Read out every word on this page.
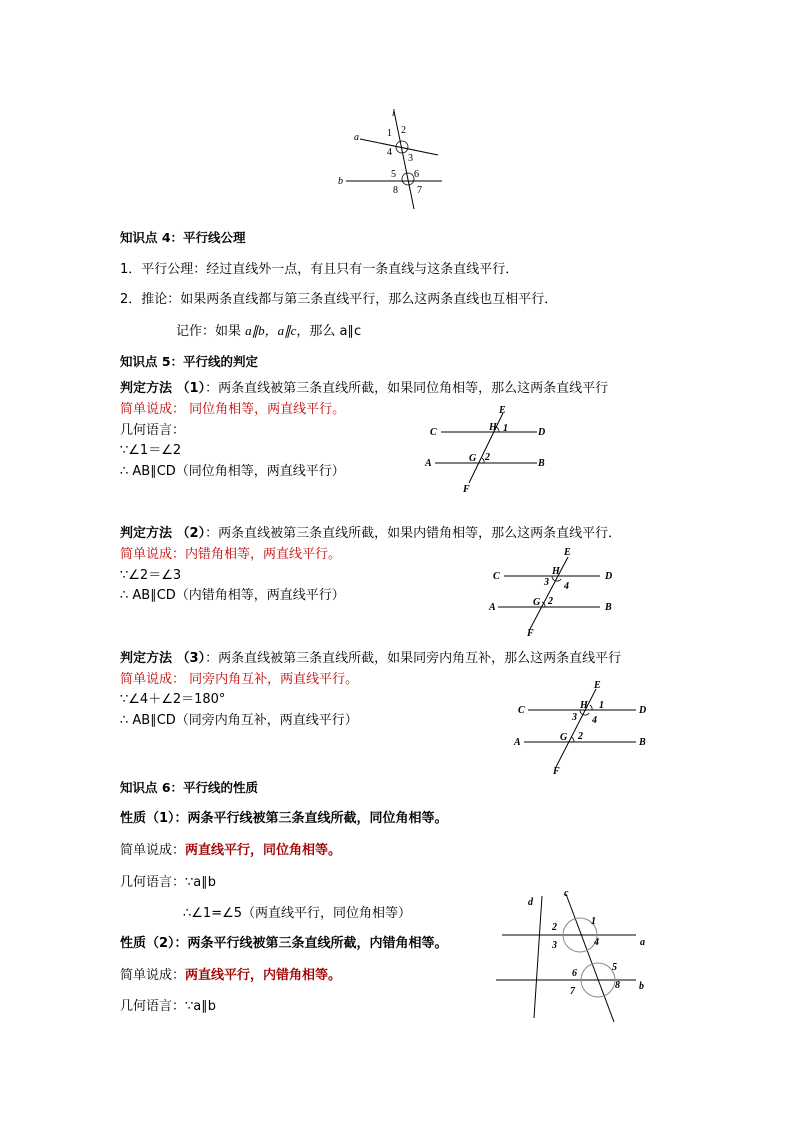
l
a
b
1 2
3
4
5 6
7
8
知识点 4：平行线公理
1．平行公理：经过直线外一点，有且只有一条直线与这条直线平行．
2．推论：如果两条直线都与第三条直线平行，那么这两条直线也互相平行．
记作：如果 a∥b，a∥c，那么 a∥c
知识点 5：平行线的判定
判定方法 （1）：两条直线被第三条直线所截，如果同位角相等，那么这两条直线平行
简单说成： 同位角相等，两直线平行。
几何语言：
∵∠1＝∠2
∴ AB∥CD（同位角相等，两直线平行）
E
C	D
A	B
F
H
G
1
2
判定方法 （2）：两条直线被第三条直线所截，如果内错角相等，那么这两条直线平行．
简单说成：内错角相等，两直线平行。
∵∠2＝∠3
∴ AB∥CD（内错角相等，两直线平行）
E
C	D
A	B
F
H
G
3 4
2
判定方法 （3）：两条直线被第三条直线所截，如果同旁内角互补，那么这两条直线平行
简单说成： 同旁内角互补，两直线平行。
∵∠4＋∠2＝180°
∴ AB∥CD（同旁内角互补，两直线平行）
E
C	D
A	B
F
H
G
1
3 4
2
知识点 6：平行线的性质
性质（1）：两条平行线被第三条直线所截，同位角相等。
简单说成：两直线平行，同位角相等。
几何语言：∵a∥b
∴∠1=∠5（两直线平行，同位角相等）
性质（2）：两条平行线被第三条直线所截，内错角相等。
简单说成：两直线平行，内错角相等。
几何语言：∵a∥b
c
d
a
b
1
2
3	4
5
6
7
8
